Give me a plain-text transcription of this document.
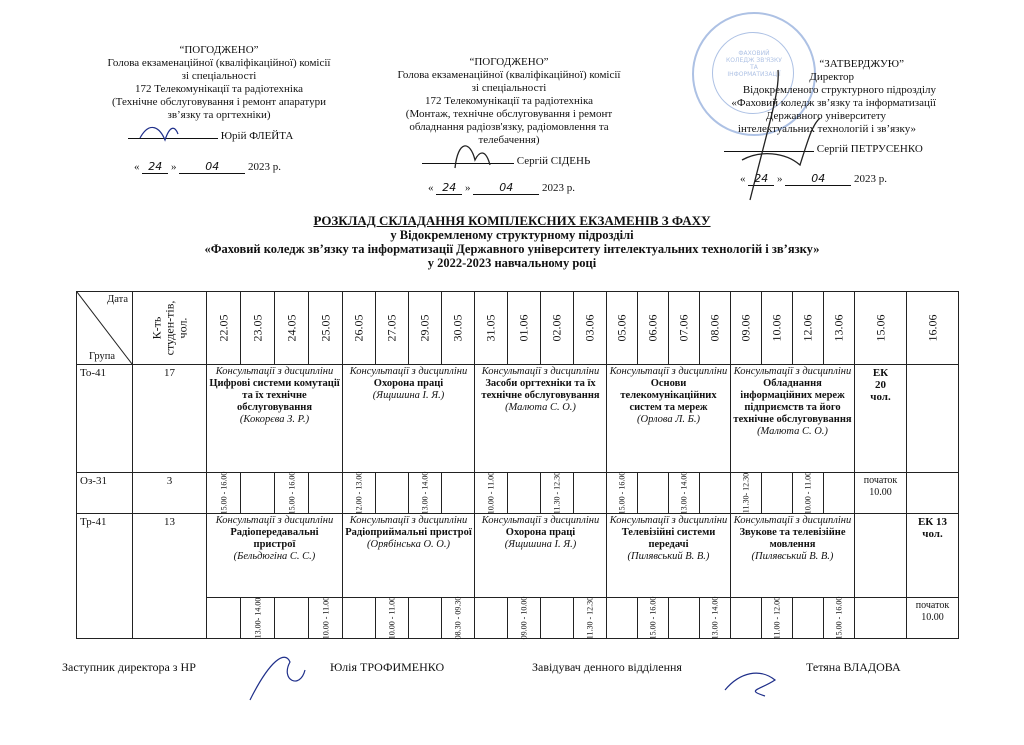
“ПОГОДЖЕНО”
Голова екзаменаційної (кваліфікаційної) комісії
зі спеціальності
172 Телекомунікації та радіотехніка
(Технічне обслуговування і ремонт апаратури
зв’язку та оргтехніки)
Юрій ФЛЕЙТА
« 24 » 04	2023 р.
“ПОГОДЖЕНО”
Голова екзаменаційної (кваліфікаційної) комісії
зі спеціальності
172 Телекомунікації та радіотехніка
(Монтаж, технічне обслуговування і ремонт
обладнання радіозв'язку, радіомовлення та
телебачення)
Сергій СІДЕНЬ
« 24 » 04	2023 р.
ФАХОВИЙ КОЛЕДЖ ЗВ'ЯЗКУ ТА ІНФОРМАТИЗАЦІЇ
“ЗАТВЕРДЖУЮ”
Директор
Відокремленого структурного підрозділу
«Фаховий коледж зв’язку та інформатизації
Державного університету
інтелектуальних технологій і зв’язку»
Сергій ПЕТРУСЕНКО
« 24 » 04	2023 р.
РОЗКЛАД СКЛАДАННЯ КОМПЛЕКСНИХ ЕКЗАМЕНІВ З ФАХУ
у Відокремленому структурному підрозділі
«Фаховий коледж зв’язку та інформатизації Державного університету інтелектуальних технологій і зв’язку»
у 2022-2023 навчальному році
Дата
Група	К-ть студен-тів, чол.	22.05	23.05	24.05	25.05	26.05	27.05	29.05	30.05	31.05	01.06	02.06	03.06	05.06	06.06	07.06	08.06	09.06	10.06	12.06	13.06	15.06	16.06

То-41	17	Консультації з дисципліни
Цифрові системи комутації та їх технічне обслуговування
(Кокорєва З. Р.)				Консультації з дисципліни
Охорона праці
(Ящишина І. Я.)				Консультації з дисципліни
Засоби оргтехніки та їх технічне обслуговування
(Малюта С. О.)				Консультації з дисципліни
Основи телекомунікаційних систем та мереж
(Орлова Л. Б.)				Консультації з дисципліни
Обладнання інформаційних мереж підприємств та його технічне обслуговування
(Малюта С. О.)				ЕК 20 чол.	

Оз-31	3	15.00 - 16.00		15.00 - 16.00		12.00 - 13.00		13.00 - 14.00		10.00 - 11.00		11.30 - 12.30		15.00 - 16.00		13.00 - 14.00		11.30- 12.30		10.00 - 11.00		початок 10.00	

Тр-41	13	Консультації з дисципліни
Радіопередавальні пристрої
(Бельдюгіна С. С.)				Консультації з дисципліни
Радіоприймальні пристрої
(Орябінська О. О.)				Консультації з дисципліни
Охорона праці
(Ящишина І. Я.)				Консультації з дисципліни
Телевізійні системи передачі
(Пилявський В. В.)				Консультації з дисципліни
Звукове та телевізійне мовлення
(Пилявський В. В.)					ЕК 13 чол.

			13.00- 14.00		10.00 - 11.00		10.00 - 11.00		08.30 - 09.30		09.00 - 10.00		11.30 - 12.30		15.00 - 16.00		13.00 - 14.00		11.00 - 12.00		15.00 - 16.00		початок 10.00
Заступник директора з НР	Юлія ТРОФИМЕНКО	Завідувач денного відділення	Тетяна ВЛАДОВА
